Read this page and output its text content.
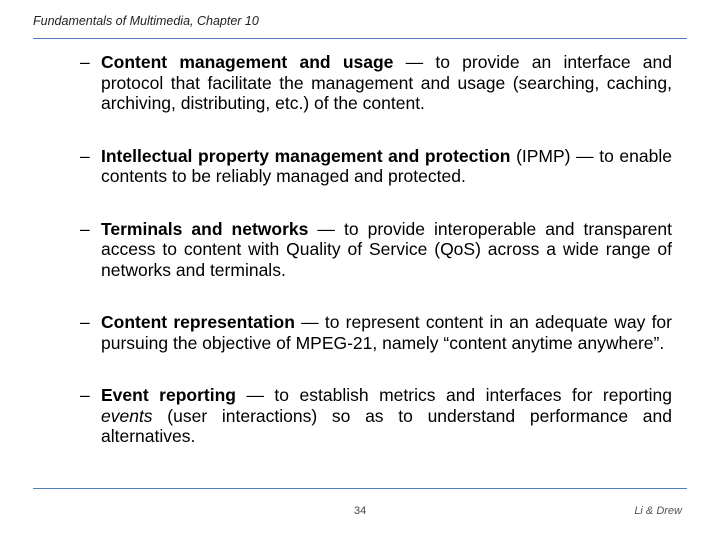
Fundamentals of Multimedia, Chapter 10
– Content management and usage — to provide an interface and protocol that facilitate the management and usage (searching, caching, archiving, distributing, etc.) of the content.
– Intellectual property management and protection (IPMP) — to enable contents to be reliably managed and protected.
– Terminals and networks — to provide interoperable and transparent access to content with Quality of Service (QoS) across a wide range of networks and terminals.
– Content representation — to represent content in an adequate way for pursuing the objective of MPEG-21, namely “content anytime anywhere”.
– Event reporting — to establish metrics and interfaces for reporting events (user interactions) so as to understand performance and alternatives.
34	Li & Drew
